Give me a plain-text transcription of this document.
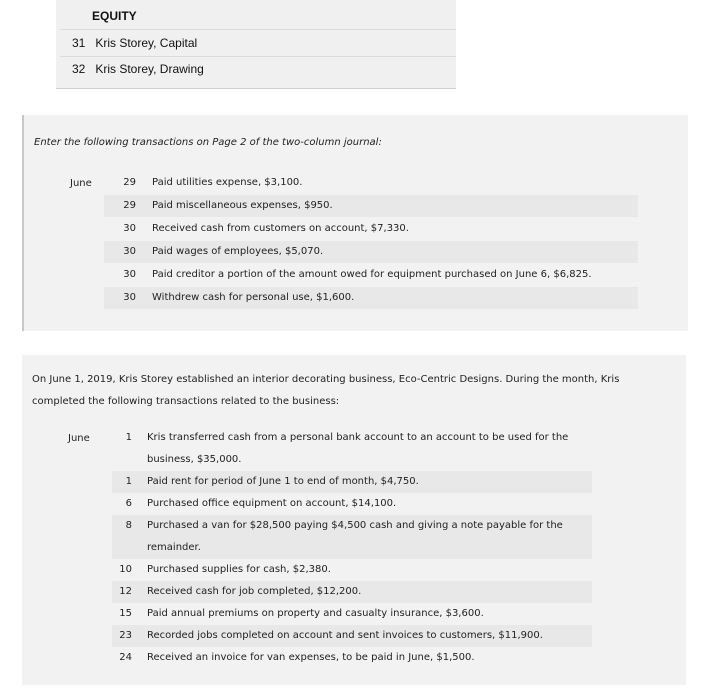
EQUITY
31 Kris Storey, Capital
32 Kris Storey, Drawing
Enter the following transactions on Page 2 of the two-column journal:
June	29 Paid utilities expense, $3,100.
29 Paid miscellaneous expenses, $950.
30 Received cash from customers on account, $7,330.
30 Paid wages of employees, $5,070.
30 Paid creditor a portion of the amount owed for equipment purchased on June 6, $6,825.
30 Withdrew cash for personal use, $1,600.
On June 1, 2019, Kris Storey established an interior decorating business, Eco-Centric Designs. During the month, Kris completed the following transactions related to the business:
June	1 Kris transferred cash from a personal bank account to an account to be used for the business, $35,000.
1 Paid rent for period of June 1 to end of month, $4,750.
6 Purchased office equipment on account, $14,100.
8 Purchased a van for $28,500 paying $4,500 cash and giving a note payable for the remainder.
10 Purchased supplies for cash, $2,380.
12 Received cash for job completed, $12,200.
15 Paid annual premiums on property and casualty insurance, $3,600.
23 Recorded jobs completed on account and sent invoices to customers, $11,900.
24 Received an invoice for van expenses, to be paid in June, $1,500.
